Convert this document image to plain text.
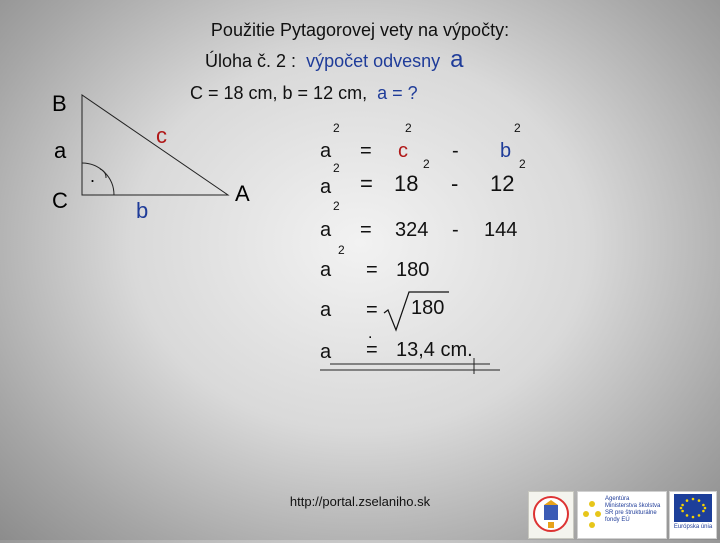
Použitie Pytagorovej vety na výpočty:
Úloha č. 2 : výpočet odvesny a
C = 18 cm, b = 12 cm, a = ?
B
a
C	A
b
c
.
2	2	2
a = c - b
2	2	2
a = 18 - 12
2
a = 324 - 144
2
a = 180
a = 180
a
.
= 13,4 cm.
http://portal.zselaniho.sk	Agentúra Ministerstva školstva SR pre štrukturálne fondy EÚ
Európska únia
